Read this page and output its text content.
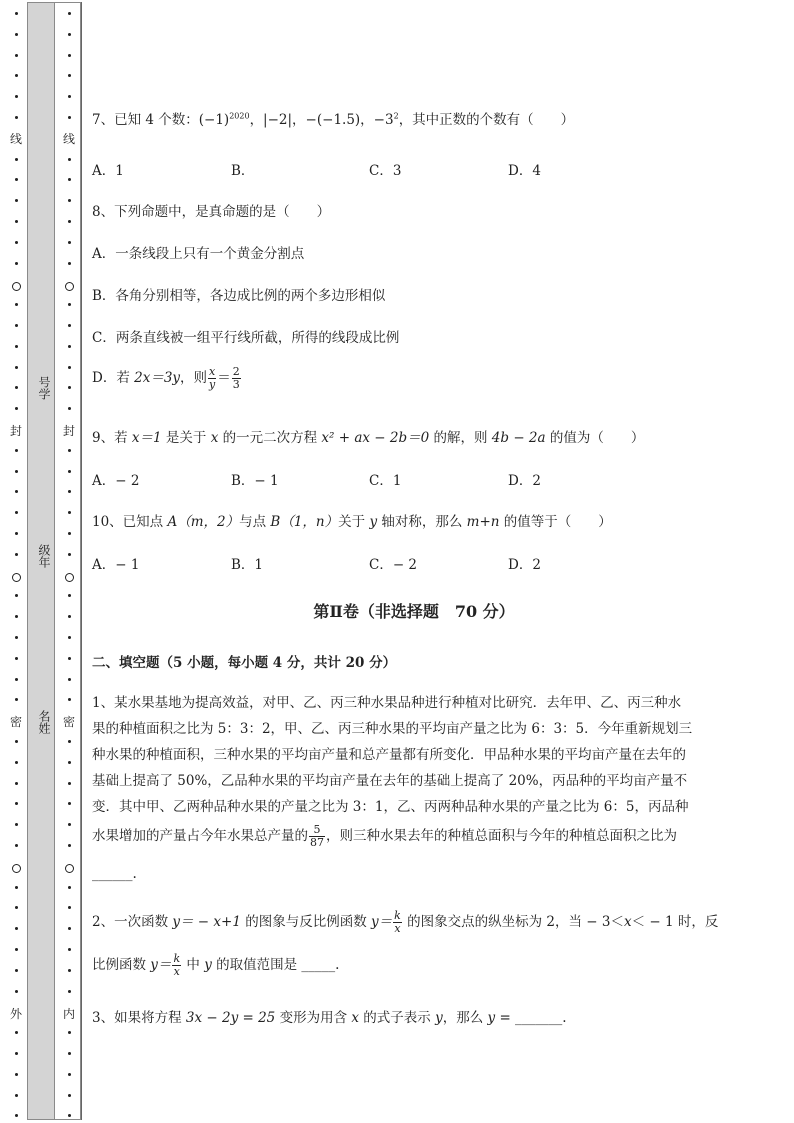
线
封
密
外
线
封
密
内
号学
级年
名姓
7、已知 4 个数：$(-1)^{2020}$，|−2|，−(−1.5)，$-3^2$，其中正数的个数有（　　）
A．1	B．	C．3	D．4
8、下列命题中，是真命题的是（　　）
A．一条线段上只有一个黄金分割点
B．各角分别相等，各边成比例的两个多边形相似
C．两条直线被一组平行线所截，所得的线段成比例
D．若 2x＝3y，则 $\frac{x}{y} = \frac{2}{3}$
9、若 x＝1 是关于 x 的一元二次方程 x² + ax − 2b＝0 的解，则 4b − 2a 的值为（　　）
A．− 2	B．− 1	C．1	D．2
10、已知点 A（m，2）与点 B（1，n）关于 y 轴对称，那么 m+n 的值等于（　　）
A．− 1	B．1	C．− 2	D．2
第Ⅱ卷（非选择题　70 分）
二、填空题（5 小题，每小题 4 分，共计 20 分）
1、某水果基地为提高效益，对甲、乙、丙三种水果品种进行种植对比研究．去年甲、乙、丙三种水
果的种植面积之比为 5：3：2，甲、乙、丙三种水果的平均亩产量之比为 6：3：5．今年重新规划三
种水果的种植面积，三种水果的平均亩产量和总产量都有所变化．甲品种水果的平均亩产量在去年的
基础上提高了 50%，乙品种水果的平均亩产量在去年的基础上提高了 20%，丙品种的平均亩产量不
变．其中甲、乙两种品种水果的产量之比为 3：1，乙、丙两种品种水果的产量之比为 6：5，丙品种
水果增加的产量占今年水果总产量的 $\frac{5}{87}$ ，则三种水果去年的种植总面积与今年的种植总面积之比为
______.
2、一次函数 y＝ − x+1 的图象与反比例函数 $y= \frac{k}{x}$ 的图象交点的纵坐标为 2，当 − 3＜x＜ − 1 时，反
比例函数 $y= \frac{k}{x}$ 中 y 的取值范围是 _____.
3、如果将方程 3x − 2y = 25 变形为用含 x 的式子表示 y，那么 y = _______.
